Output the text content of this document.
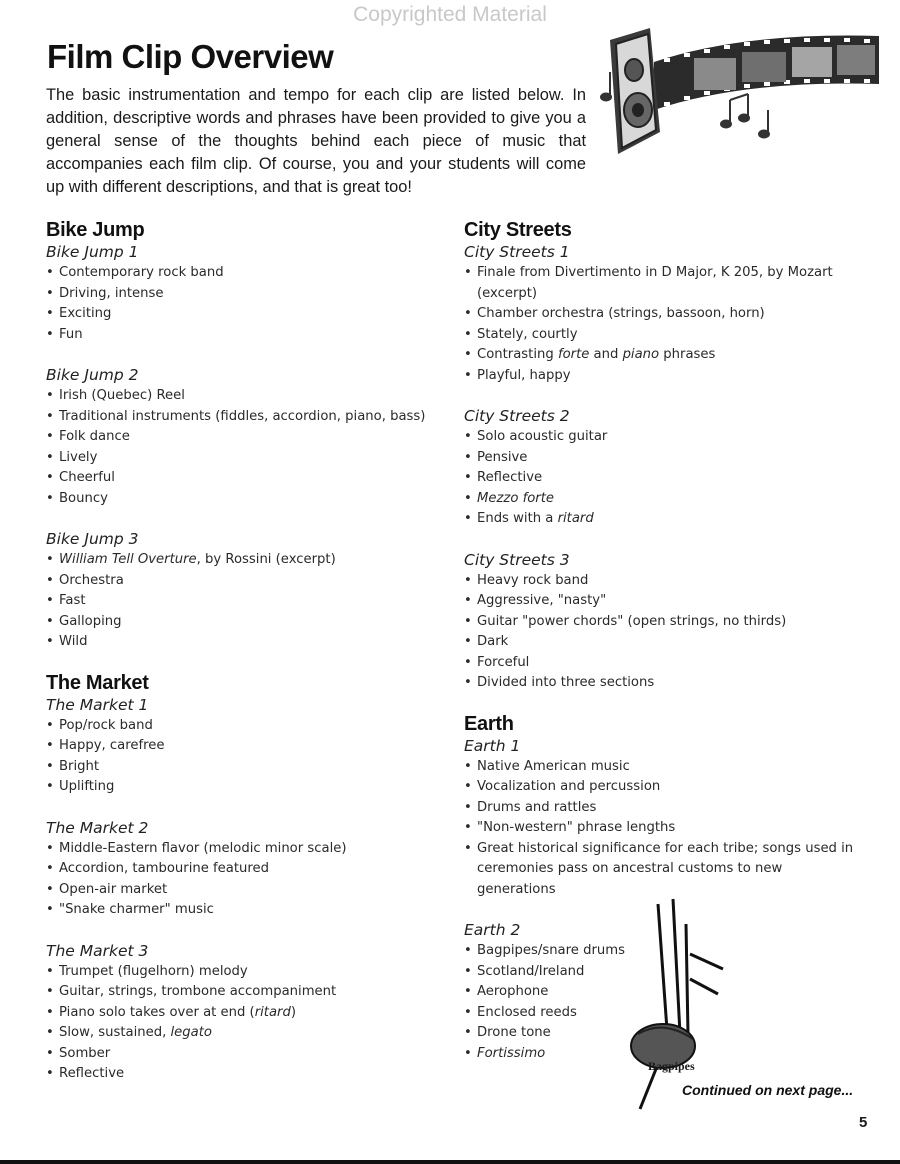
Copyrighted Material
Film Clip Overview

The basic instrumentation and tempo for each clip are listed below. In addition, descriptive words and phrases have been provided to give you a general sense of the thoughts behind each piece of music that accompanies each film clip. Of course, you and your students will come up with different descriptions, and that is great too!

Bike Jump
Bike Jump 1
• Contemporary rock band
• Driving, intense
• Exciting
• Fun
Bike Jump 2
• Irish (Quebec) Reel
• Traditional instruments (fiddles, accordion, piano, bass)
• Folk dance
• Lively
• Cheerful
• Bouncy
Bike Jump 3
• William Tell Overture, by Rossini (excerpt)
• Orchestra
• Fast
• Galloping
• Wild
The Market
The Market 1
• Pop/rock band
• Happy, carefree
• Bright
• Uplifting
The Market 2
• Middle-Eastern flavor (melodic minor scale)
• Accordion, tambourine featured
• Open-air market
• "Snake charmer" music
The Market 3
• Trumpet (flugelhorn) melody
• Guitar, strings, trombone accompaniment
• Piano solo takes over at end (ritard)
• Slow, sustained, legato
• Somber
• Reflective
City Streets
City Streets 1
• Finale from Divertimento in D Major, K 205, by Mozart (excerpt)
• Chamber orchestra (strings, bassoon, horn)
• Stately, courtly
• Contrasting forte and piano phrases
• Playful, happy
City Streets 2
• Solo acoustic guitar
• Pensive
• Reflective
• Mezzo forte
• Ends with a ritard
City Streets 3
• Heavy rock band
• Aggressive, "nasty"
• Guitar "power chords" (open strings, no thirds)
• Dark
• Forceful
• Divided into three sections
Earth
Earth 1
• Native American music
• Vocalization and percussion
• Drums and rattles
• "Non-western" phrase lengths
• Great historical significance for each tribe; songs used in ceremonies pass on ancestral customs to new generations
Earth 2
• Bagpipes/snare drums
• Scotland/Ireland
• Aerophone
• Enclosed reeds
• Drone tone
• Fortissimo
Bagpipes
Continued on next page...
5
